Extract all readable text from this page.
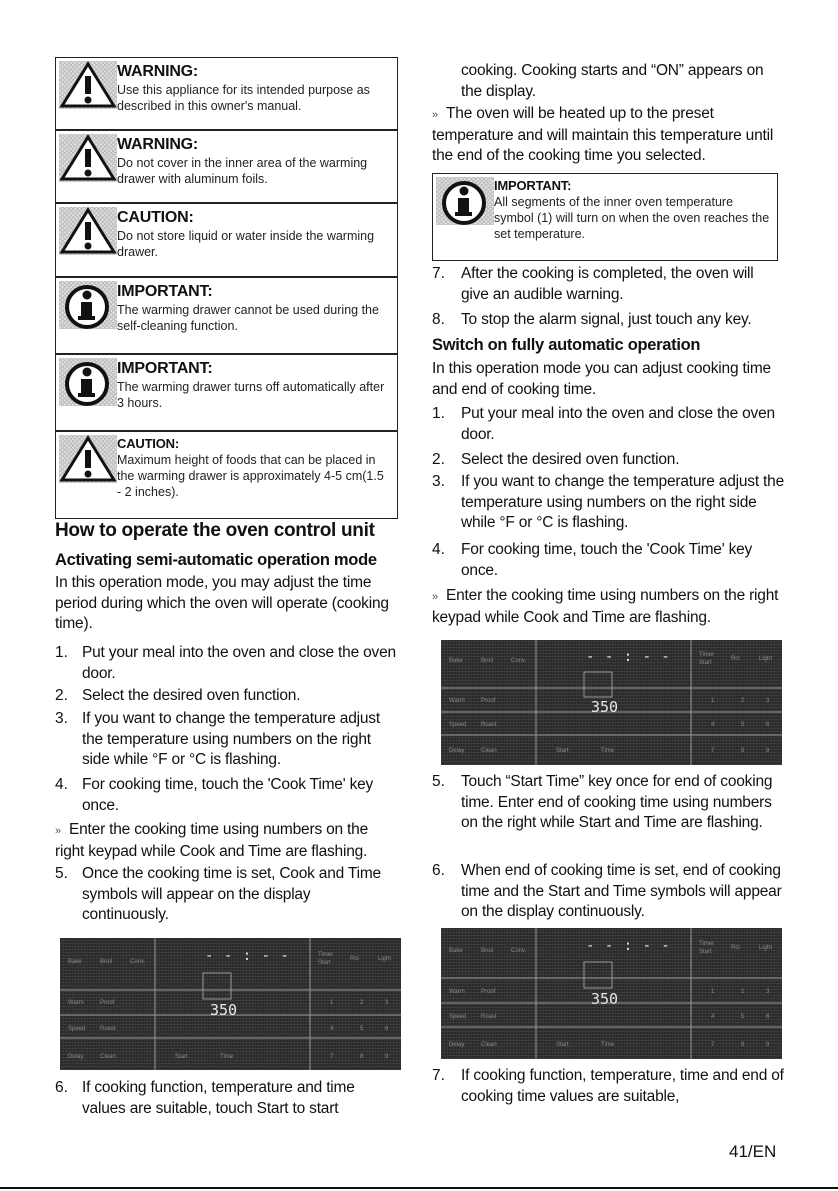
WARNING:
Use this appliance for its intended purpose as described in this owner's manual.
WARNING:
Do not cover in the inner area of the warming drawer with aluminum foils.
CAUTION:
Do not store liquid or water inside the warming drawer.
IMPORTANT:
The warming drawer cannot be used during the self-cleaning function.
IMPORTANT:
The warming drawer turns off automatically after 3 hours.
CAUTION:
Maximum height of foods that can be placed in the warming drawer is approximately 4-5 cm(1.5 - 2 inches).
How to operate the oven control unit
Activating semi-automatic operation mode
In this operation mode, you may adjust the time period during which the oven will operate (cooking time).
1. Put your meal into the oven and close the oven door.
2. Select the desired oven function.
3. If you want to change the temperature adjust the temperature using numbers on the right side while °F or °C is flashing.
4. For cooking time, touch the 'Cook Time' key once.
» Enter the cooking time using numbers on the right keypad while Cook and Time are flashing.
5. Once the cooking time is set, Cook and Time symbols will appear on the display continuously.
Bake	Broil	Conv.
Timer
Start
Rcl	Light
Warm	Proof	1	2	3
Speed Roast	4	5	6
Delay	Clean	Start	Time	7	8	9
- - : - -
350
6. If cooking function, temperature and time values are suitable, touch Start to start
cooking. Cooking starts and “ON” appears on the display.
» The oven will be heated up to the preset temperature and will maintain this temperature until the end of the cooking time you selected.
IMPORTANT:
All segments of the inner oven temperature symbol (1) will turn on when the oven reaches the set temperature.
7.	After the cooking is completed, the oven will give an audible warning.
8.	To stop the alarm signal, just touch any key.
Switch on fully automatic operation
In this operation mode you can adjust cooking time and end of cooking time.
1.	Put your meal into the oven and close the oven door.
2.	Select the desired oven function.
3.	If you want to change the temperature adjust the temperature using numbers on the right side while °F or °C is flashing.
4.	For cooking time, touch the 'Cook Time' key once.
» Enter the cooking time using numbers on the right keypad while Cook and Time are flashing.
Bake	Broil	Conv.
Timer
Start
Rcl	Light
Warm	Proof	1	2	3
Speed Roast	4	5	6
Delay	Clean	Start	Time	7	8	9
- - : - -
350
5.	Touch “Start Time” key once for end of cooking time. Enter end of cooking time using numbers on the right while Start and Time are flashing.
6.	When end of cooking time is set, end of cooking time and the Start and Time symbols will appear on the display continuously.
Bake	Broil	Conv.
Timer
Start
Rcl	Light
Warm	Proof	1	2	3
Speed Roast	4	5	6
Delay	Clean	Start	Time	7	8	9
- - : - -
350
7.	If cooking function, temperature, time and end of cooking time values are suitable,
41/EN
